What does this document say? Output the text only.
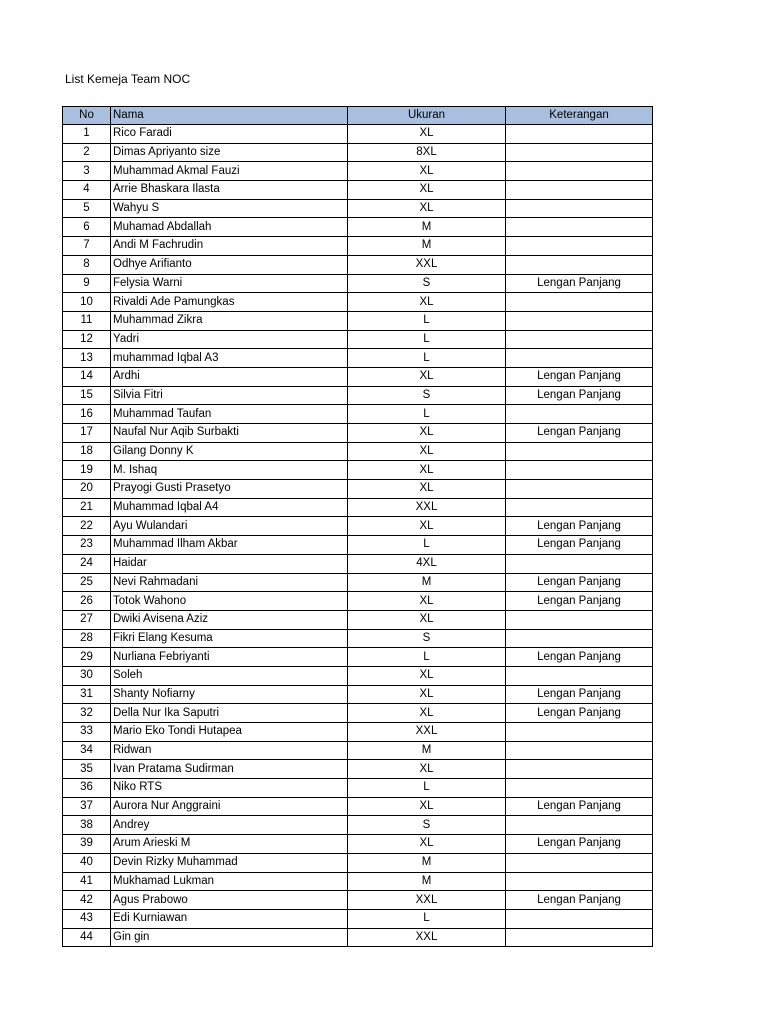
List Kemeja Team NOC
No	Nama	Ukuran	Keterangan
1	Rico Faradi	XL	
2	Dimas Apriyanto size	8XL	
3	Muhammad Akmal Fauzi	XL	
4	Arrie Bhaskara Ilasta	XL	
5	Wahyu S	XL	
6	Muhamad Abdallah	M	
7	Andi M Fachrudin	M	
8	Odhye Arifianto	XXL	
9	Felysia Warni	S	Lengan Panjang
10	Rivaldi Ade Pamungkas	XL	
11	Muhammad Zikra	L	
12	Yadri	L	
13	muhammad Iqbal A3	L	
14	Ardhi	XL	Lengan Panjang
15	Silvia Fitri	S	Lengan Panjang
16	Muhammad Taufan	L	
17	Naufal Nur Aqib Surbakti	XL	Lengan Panjang
18	Gilang Donny K	XL	
19	M. Ishaq	XL	
20	Prayogi Gusti Prasetyo	XL	
21	Muhammad Iqbal A4	XXL	
22	Ayu Wulandari	XL	Lengan Panjang
23	Muhammad Ilham Akbar	L	Lengan Panjang
24	Haidar	4XL	
25	Nevi Rahmadani	M	Lengan Panjang
26	Totok Wahono	XL	Lengan Panjang
27	Dwiki Avisena Aziz	XL	
28	Fikri Elang Kesuma	S	
29	Nurliana Febriyanti	L	Lengan Panjang
30	Soleh	XL	
31	Shanty Nofiarny	XL	Lengan Panjang
32	Della Nur Ika Saputri	XL	Lengan Panjang
33	Mario Eko Tondi Hutapea	XXL	
34	Ridwan	M	
35	Ivan Pratama Sudirman	XL	
36	Niko RTS	L	
37	Aurora Nur Anggraini	XL	Lengan Panjang
38	Andrey	S	
39	Arum Arieski M	XL	Lengan Panjang
40	Devin Rizky Muhammad	M	
41	Mukhamad Lukman	M	
42	Agus Prabowo	XXL	Lengan Panjang
43	Edi Kurniawan	L	
44	Gin gin	XXL	
